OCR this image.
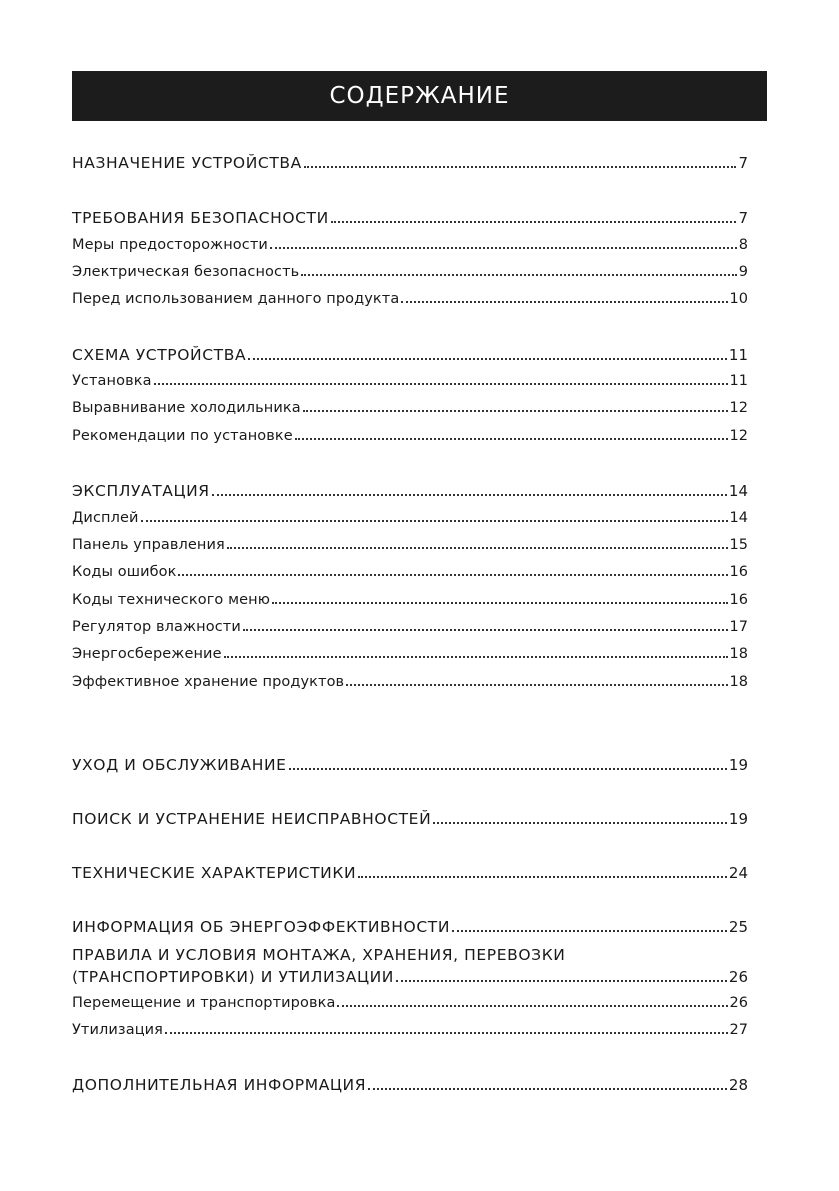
СОДЕРЖАНИЕ
НАЗНАЧЕНИЕ УСТРОЙСТВА	7
ТРЕБОВАНИЯ БЕЗОПАСНОСТИ	7
Меры предосторожности	8
Электрическая безопасность	9
Перед использованием данного продукта	10
СХЕМА УСТРОЙСТВА	11
Установка	11
Выравнивание холодильника	12
Рекомендации по установке	12
ЭКСПЛУАТАЦИЯ	14
Дисплей	14
Панель управления	15
Коды ошибок	16
Коды технического меню	16
Регулятор влажности	17
Энергосбережение	18
Эффективное хранение продуктов	18
УХОД И ОБСЛУЖИВАНИЕ	19
ПОИСК И УСТРАНЕНИЕ НЕИСПРАВНОСТЕЙ	19
ТЕХНИЧЕСКИЕ ХАРАКТЕРИСТИКИ	24
ИНФОРМАЦИЯ ОБ ЭНЕРГОЭФФЕКТИВНОСТИ	25
ПРАВИЛА И УСЛОВИЯ МОНТАЖА, ХРАНЕНИЯ, ПЕРЕВОЗКИ
(ТРАНСПОРТИРОВКИ) И УТИЛИЗАЦИИ	26
Перемещение и транспортировка	26
Утилизация	27
ДОПОЛНИТЕЛЬНАЯ ИНФОРМАЦИЯ	28
